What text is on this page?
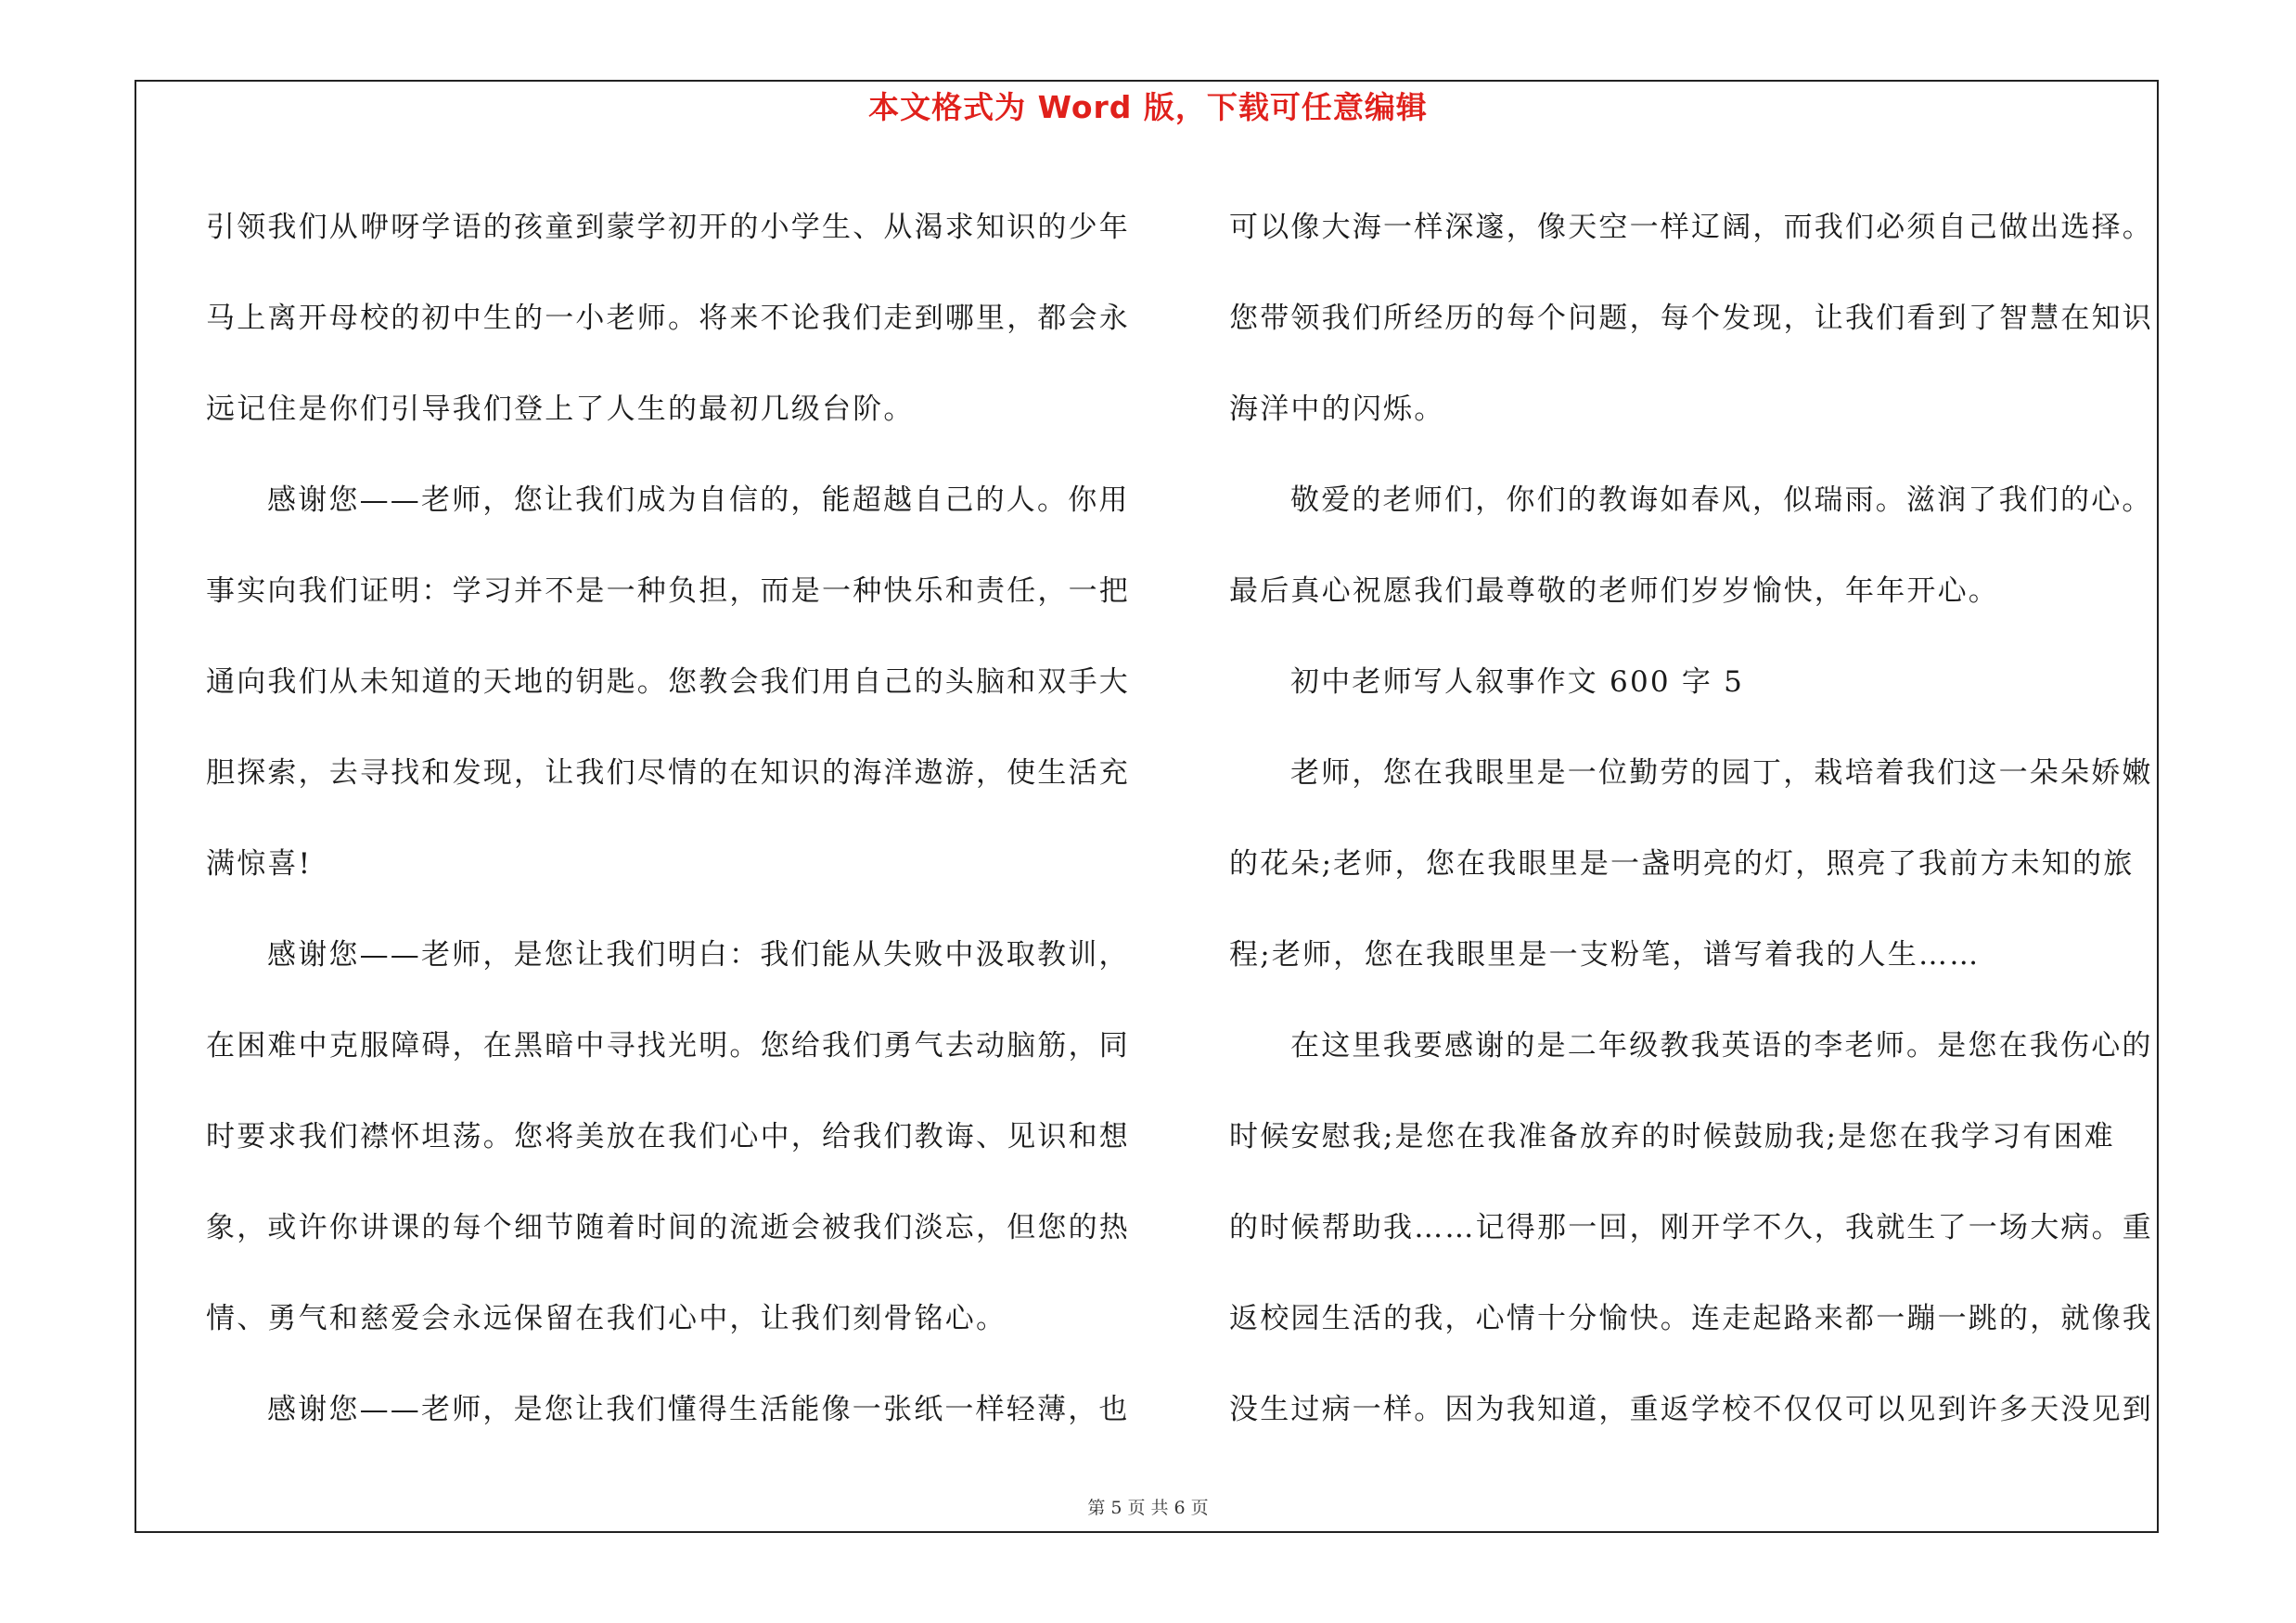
本文格式为 Word 版，下载可任意编辑

引领我们从咿呀学语的孩童到蒙学初开的小学生、从渴求知识的少年
马上离开母校的初中生的一小老师。将来不论我们走到哪里，都会永
远记住是你们引导我们登上了人生的最初几级台阶。
感谢您——老师，您让我们成为自信的，能超越自己的人。你用
事实向我们证明：学习并不是一种负担，而是一种快乐和责任，一把
通向我们从未知道的天地的钥匙。您教会我们用自己的头脑和双手大
胆探索，去寻找和发现，让我们尽情的在知识的海洋遨游，使生活充
满惊喜!
感谢您——老师，是您让我们明白：我们能从失败中汲取教训，
在困难中克服障碍，在黑暗中寻找光明。您给我们勇气去动脑筋，同
时要求我们襟怀坦荡。您将美放在我们心中，给我们教诲、见识和想
象，或许你讲课的每个细节随着时间的流逝会被我们淡忘，但您的热
情、勇气和慈爱会永远保留在我们心中，让我们刻骨铭心。
感谢您——老师，是您让我们懂得生活能像一张纸一样轻薄，也

可以像大海一样深邃，像天空一样辽阔，而我们必须自己做出选择。
您带领我们所经历的每个问题，每个发现，让我们看到了智慧在知识
海洋中的闪烁。
敬爱的老师们，你们的教诲如春风，似瑞雨。滋润了我们的心。
最后真心祝愿我们最尊敬的老师们岁岁愉快，年年开心。
初中老师写人叙事作文 600 字 5
老师，您在我眼里是一位勤劳的园丁，栽培着我们这一朵朵娇嫩
的花朵;老师，您在我眼里是一盏明亮的灯，照亮了我前方未知的旅
程;老师，您在我眼里是一支粉笔，谱写着我的人生……
在这里我要感谢的是二年级教我英语的李老师。是您在我伤心的
时候安慰我;是您在我准备放弃的时候鼓励我;是您在我学习有困难
的时候帮助我……记得那一回，刚开学不久，我就生了一场大病。重
返校园生活的我，心情十分愉快。连走起路来都一蹦一跳的，就像我
没生过病一样。因为我知道，重返学校不仅仅可以见到许多天没见到

第 5 页 共 6 页
